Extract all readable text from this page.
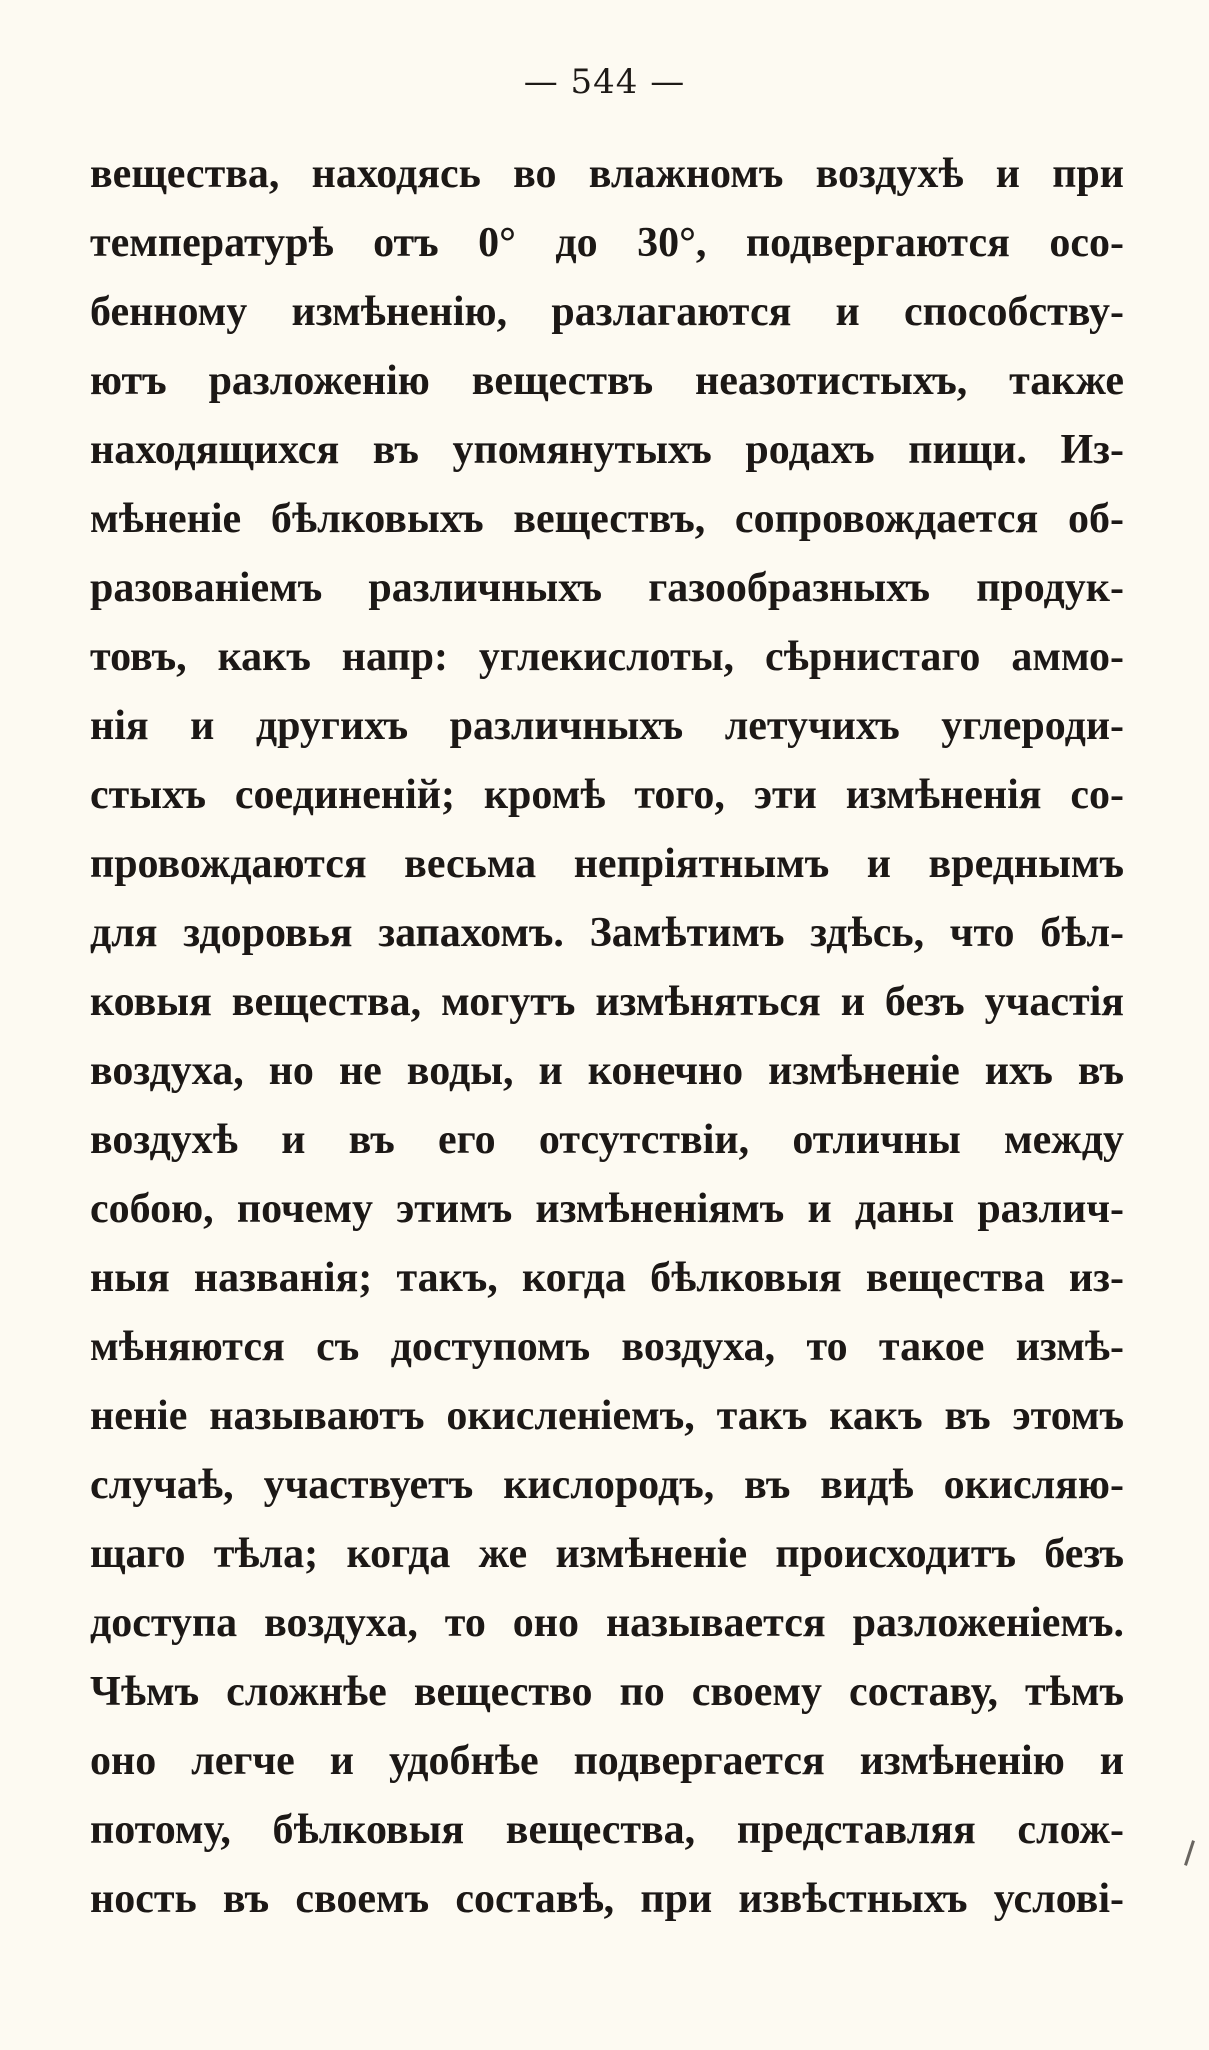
— 544 —
вещества, находясь во влажномъ воздухѣ и при
температурѣ отъ 0° до 30°, подвергаются осо-
бенному измѣненію, разлагаются и способству-
ютъ разложенію веществъ неазотистыхъ, также
находящихся въ упомянутыхъ родахъ пищи. Из-
мѣненіе бѣлковыхъ веществъ, сопровождается об-
разованіемъ различныхъ газообразныхъ продук-
товъ, какъ напр: углекислоты, сѣрнистаго аммо-
нія и другихъ различныхъ летучихъ углероди-
стыхъ соединеній; кромѣ того, эти измѣненія со-
провождаются весьма непріятнымъ и вреднымъ
для здоровья запахомъ. Замѣтимъ здѣсь, что бѣл-
ковыя вещества, могутъ измѣняться и безъ участія
воздуха, но не воды, и конечно измѣненіе ихъ въ
воздухѣ и въ его отсутствіи, отличны между
собою, почему этимъ измѣненіямъ и даны различ-
ныя названія; такъ, когда бѣлковыя вещества из-
мѣняются съ доступомъ воздуха, то такое измѣ-
неніе называютъ окисленіемъ, такъ какъ въ этомъ
случаѣ, участвуетъ кислородъ, въ видѣ окисляю-
щаго тѣла; когда же измѣненіе происходитъ безъ
доступа воздуха, то оно называется разложеніемъ.
Чѣмъ сложнѣе вещество по своему составу, тѣмъ
оно легче и удобнѣе подвергается измѣненію и
потому, бѣлковыя вещества, представляя слож-
ность въ своемъ составѣ, при извѣстныхъ услові-
